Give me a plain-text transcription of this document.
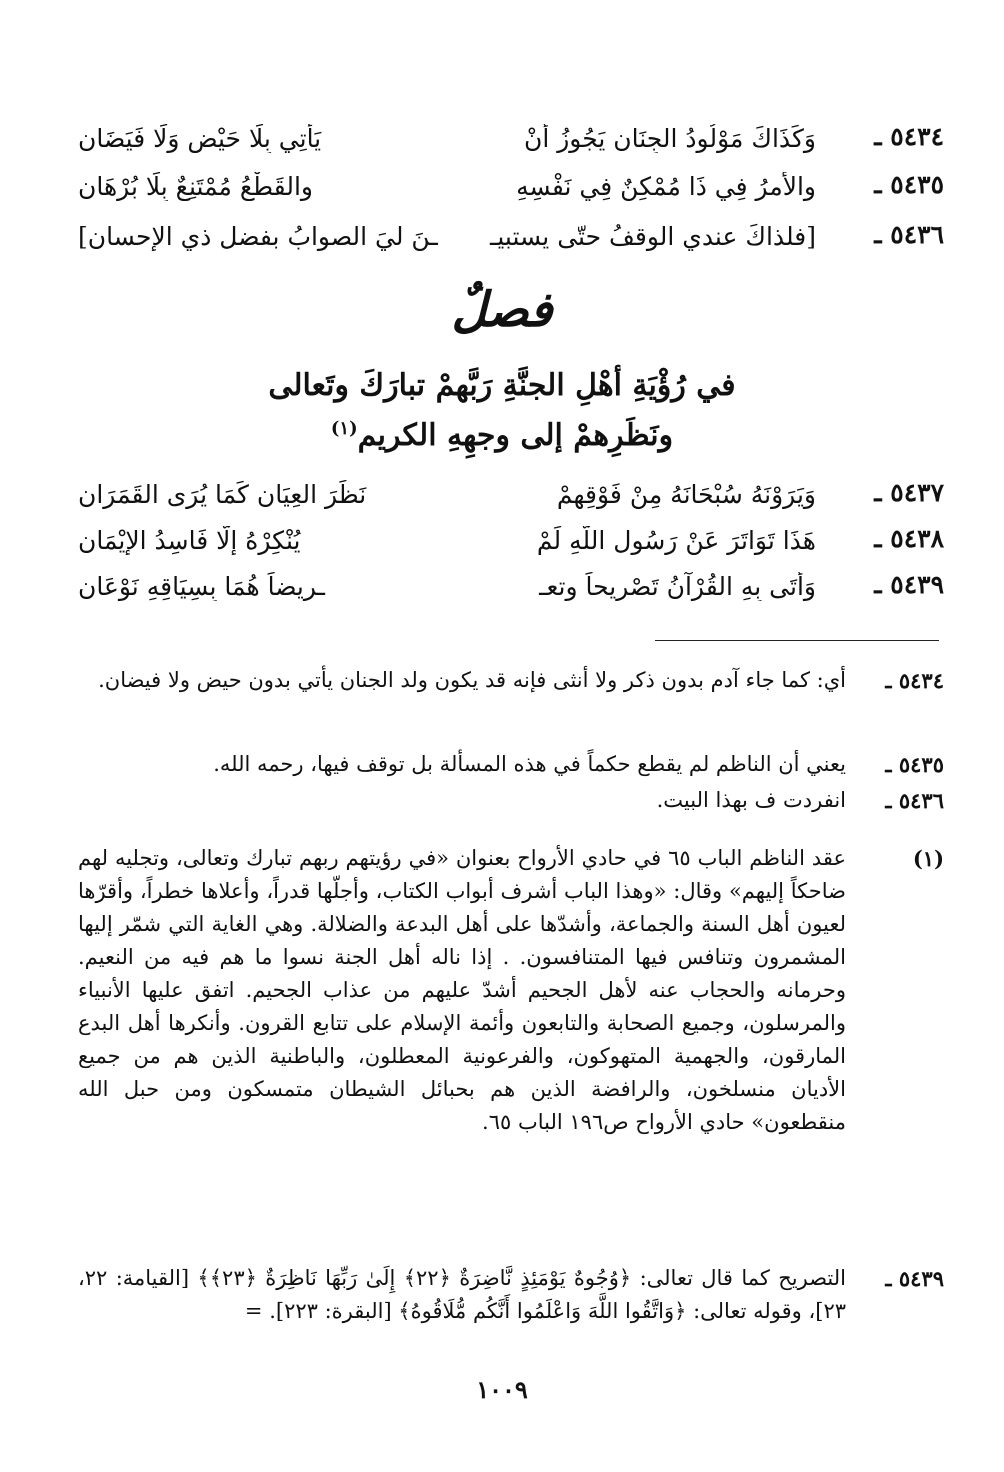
٥٤٣٤ ـ
وَكَذَاكَ مَوْلُودُ الجِنَانِ يَجُوزُ أَنْ
يَأتِي بِلَا حَيْضٍ وَلَا فَيَضَانِ
٥٤٣٥ ـ
والأمرُ فِي ذَا مُمْكِنٌ فِي نَفْسِهِ
والقَطْعُ مُمْتَنِعٌ بِلَا بُرْهَانِ
٥٤٣٦ ـ
[فلذاكَ عندي الوقفُ حتّى يستبيـ
ـنَ ليَ الصوابُ بفضل ذي الإحسانِ]
فصلٌ
في رُؤْيَةِ أهْلِ الجنَّةِ رَبَّهمْ تبارَكَ وتَعالى
ونَظَرِهمْ إلى وجهِهِ الكريم$^{(١)}$
٥٤٣٧ ـ
وَيَرَوْنَهُ سُبْحَانَهُ مِنْ فَوْقِهِمْ
نَظَرَ العِيَانِ كَمَا يُرَى القَمَرَانِ
٥٤٣٨ ـ
هَذَا تَوَاتَرَ عَنْ رَسُولِ اللَّهِ لَمْ
يُنْكِرْهُ إلَّا فَاسِدُ الإِيْمَانِ
٥٤٣٩ ـ
وَأتَى بِهِ القُرْآنُ تَصْرِيحاً وتعـ
ـرِيضاً هُمَا بِسِيَاقِهِ نَوْعَانِ
٥٤٣٤ ـ
أي: كما جاء آدم بدون ذكر ولا أنثى فإنه قد يكون ولد الجنان يأتي بدون حيض ولا فيضان.
٥٤٣٥ ـ
يعني أن الناظم لم يقطع حكماً في هذه المسألة بل توقف فيها، رحمه الله.
٥٤٣٦ ـ
انفردت ف بهذا البيت.
(١)
عقد الناظم الباب ٦٥ في حادي الأرواح بعنوان «في رؤيتهم ربهم تبارك وتعالى، وتجليه لهم ضاحكاً إليهم» وقال: «وهذا الباب أشرف أبواب الكتاب، وأجلّها قدراً، وأعلاها خطراً، وأقرّها لعيون أهل السنة والجماعة، وأشدّها على أهل البدعة والضلالة. وهي الغاية التي شمّر إليها المشمرون وتنافس فيها المتنافسون. . إذا ناله أهل الجنة نسوا ما هم فيه من النعيم. وحرمانه والحجاب عنه لأهل الجحيم أشدّ عليهم من عذاب الجحيم. اتفق عليها الأنبياء والمرسلون، وجميع الصحابة والتابعون وأئمة الإسلام على تتابع القرون. وأنكرها أهل البدع المارقون، والجهمية المتهوكون، والفرعونية المعطلون، والباطنية الذين هم من جميع الأديان منسلخون، والرافضة الذين هم بحبائل الشيطان متمسكون ومن حبل الله منقطعون» حادي الأرواح ص١٩٦ الباب ٦٥.
٥٤٣٩ ـ
التصريح كما قال تعالى: ﴿وُجُوهٌ يَوْمَئِذٍ نَّاضِرَةٌ ﴿٢٢﴾ إِلَىٰ رَبِّهَا نَاظِرَةٌ ﴿٢٣﴾﴾ [القيامة: ٢٢، ٢٣]، وقوله تعالى: ﴿وَاتَّقُوا اللَّهَ وَاعْلَمُوا أَنَّكُم مُّلَاقُوهُ﴾ [البقرة: ٢٢٣]. =
١٠٠٩
